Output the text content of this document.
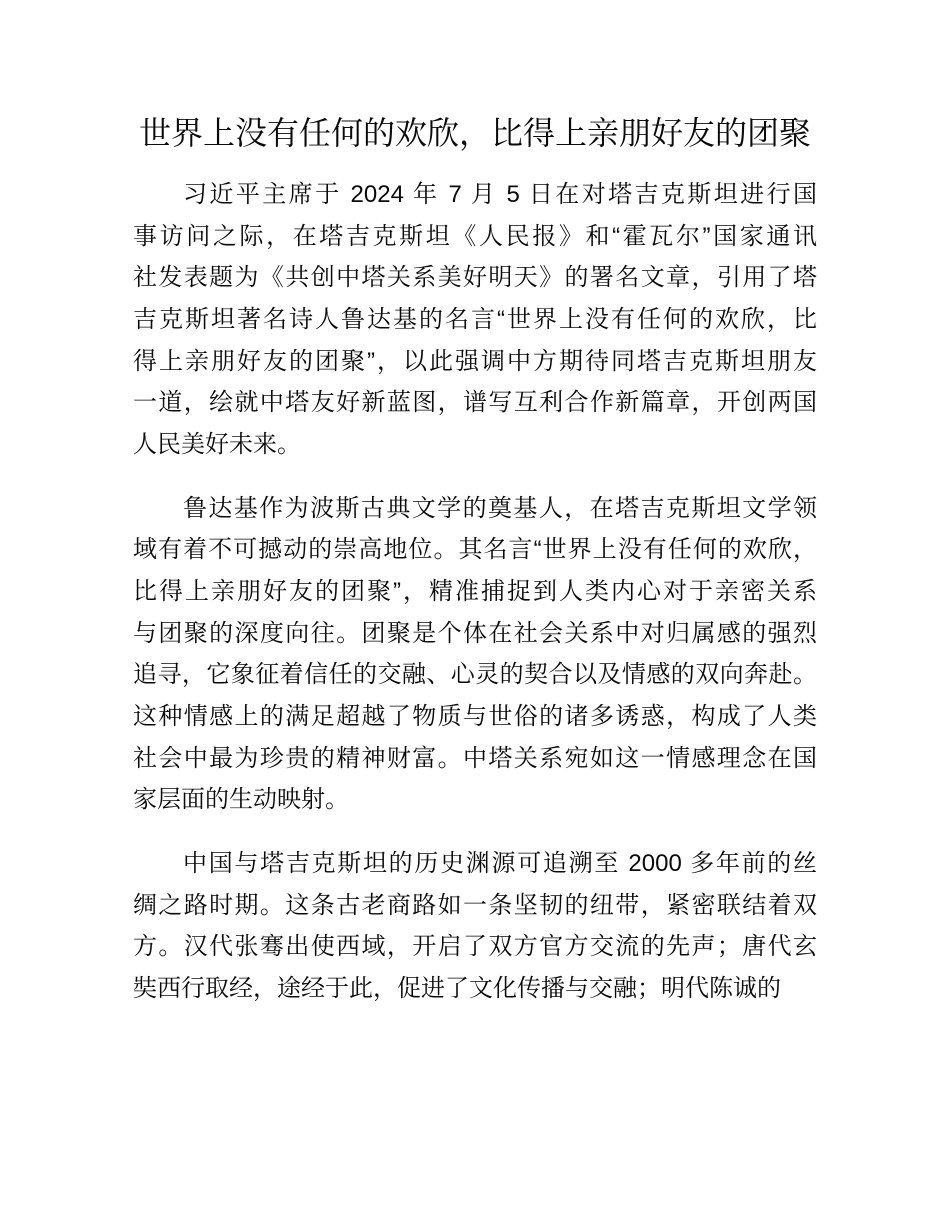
世界上没有任何的欢欣，比得上亲朋好友的团聚
习近平主席于 2024 年 7 月 5 日在对塔吉克斯坦进行国
事访问之际，在塔吉克斯坦《人民报》和“霍瓦尔”国家通讯
社发表题为《共创中塔关系美好明天》的署名文章，引用了塔
吉克斯坦著名诗人鲁达基的名言“世界上没有任何的欢欣，比
得上亲朋好友的团聚”，以此强调中方期待同塔吉克斯坦朋友
一道，绘就中塔友好新蓝图，谱写互利合作新篇章，开创两国
人民美好未来。
鲁达基作为波斯古典文学的奠基人，在塔吉克斯坦文学领
域有着不可撼动的崇高地位。其名言“世界上没有任何的欢欣，
比得上亲朋好友的团聚”，精准捕捉到人类内心对于亲密关系
与团聚的深度向往。团聚是个体在社会关系中对归属感的强烈
追寻，它象征着信任的交融、心灵的契合以及情感的双向奔赴。
这种情感上的满足超越了物质与世俗的诸多诱惑，构成了人类
社会中最为珍贵的精神财富。中塔关系宛如这一情感理念在国
家层面的生动映射。
中国与塔吉克斯坦的历史渊源可追溯至 2000 多年前的丝
绸之路时期。这条古老商路如一条坚韧的纽带，紧密联结着双
方。汉代张骞出使西域，开启了双方官方交流的先声；唐代玄
奘西行取经，途经于此，促进了文化传播与交融；明代陈诚的
